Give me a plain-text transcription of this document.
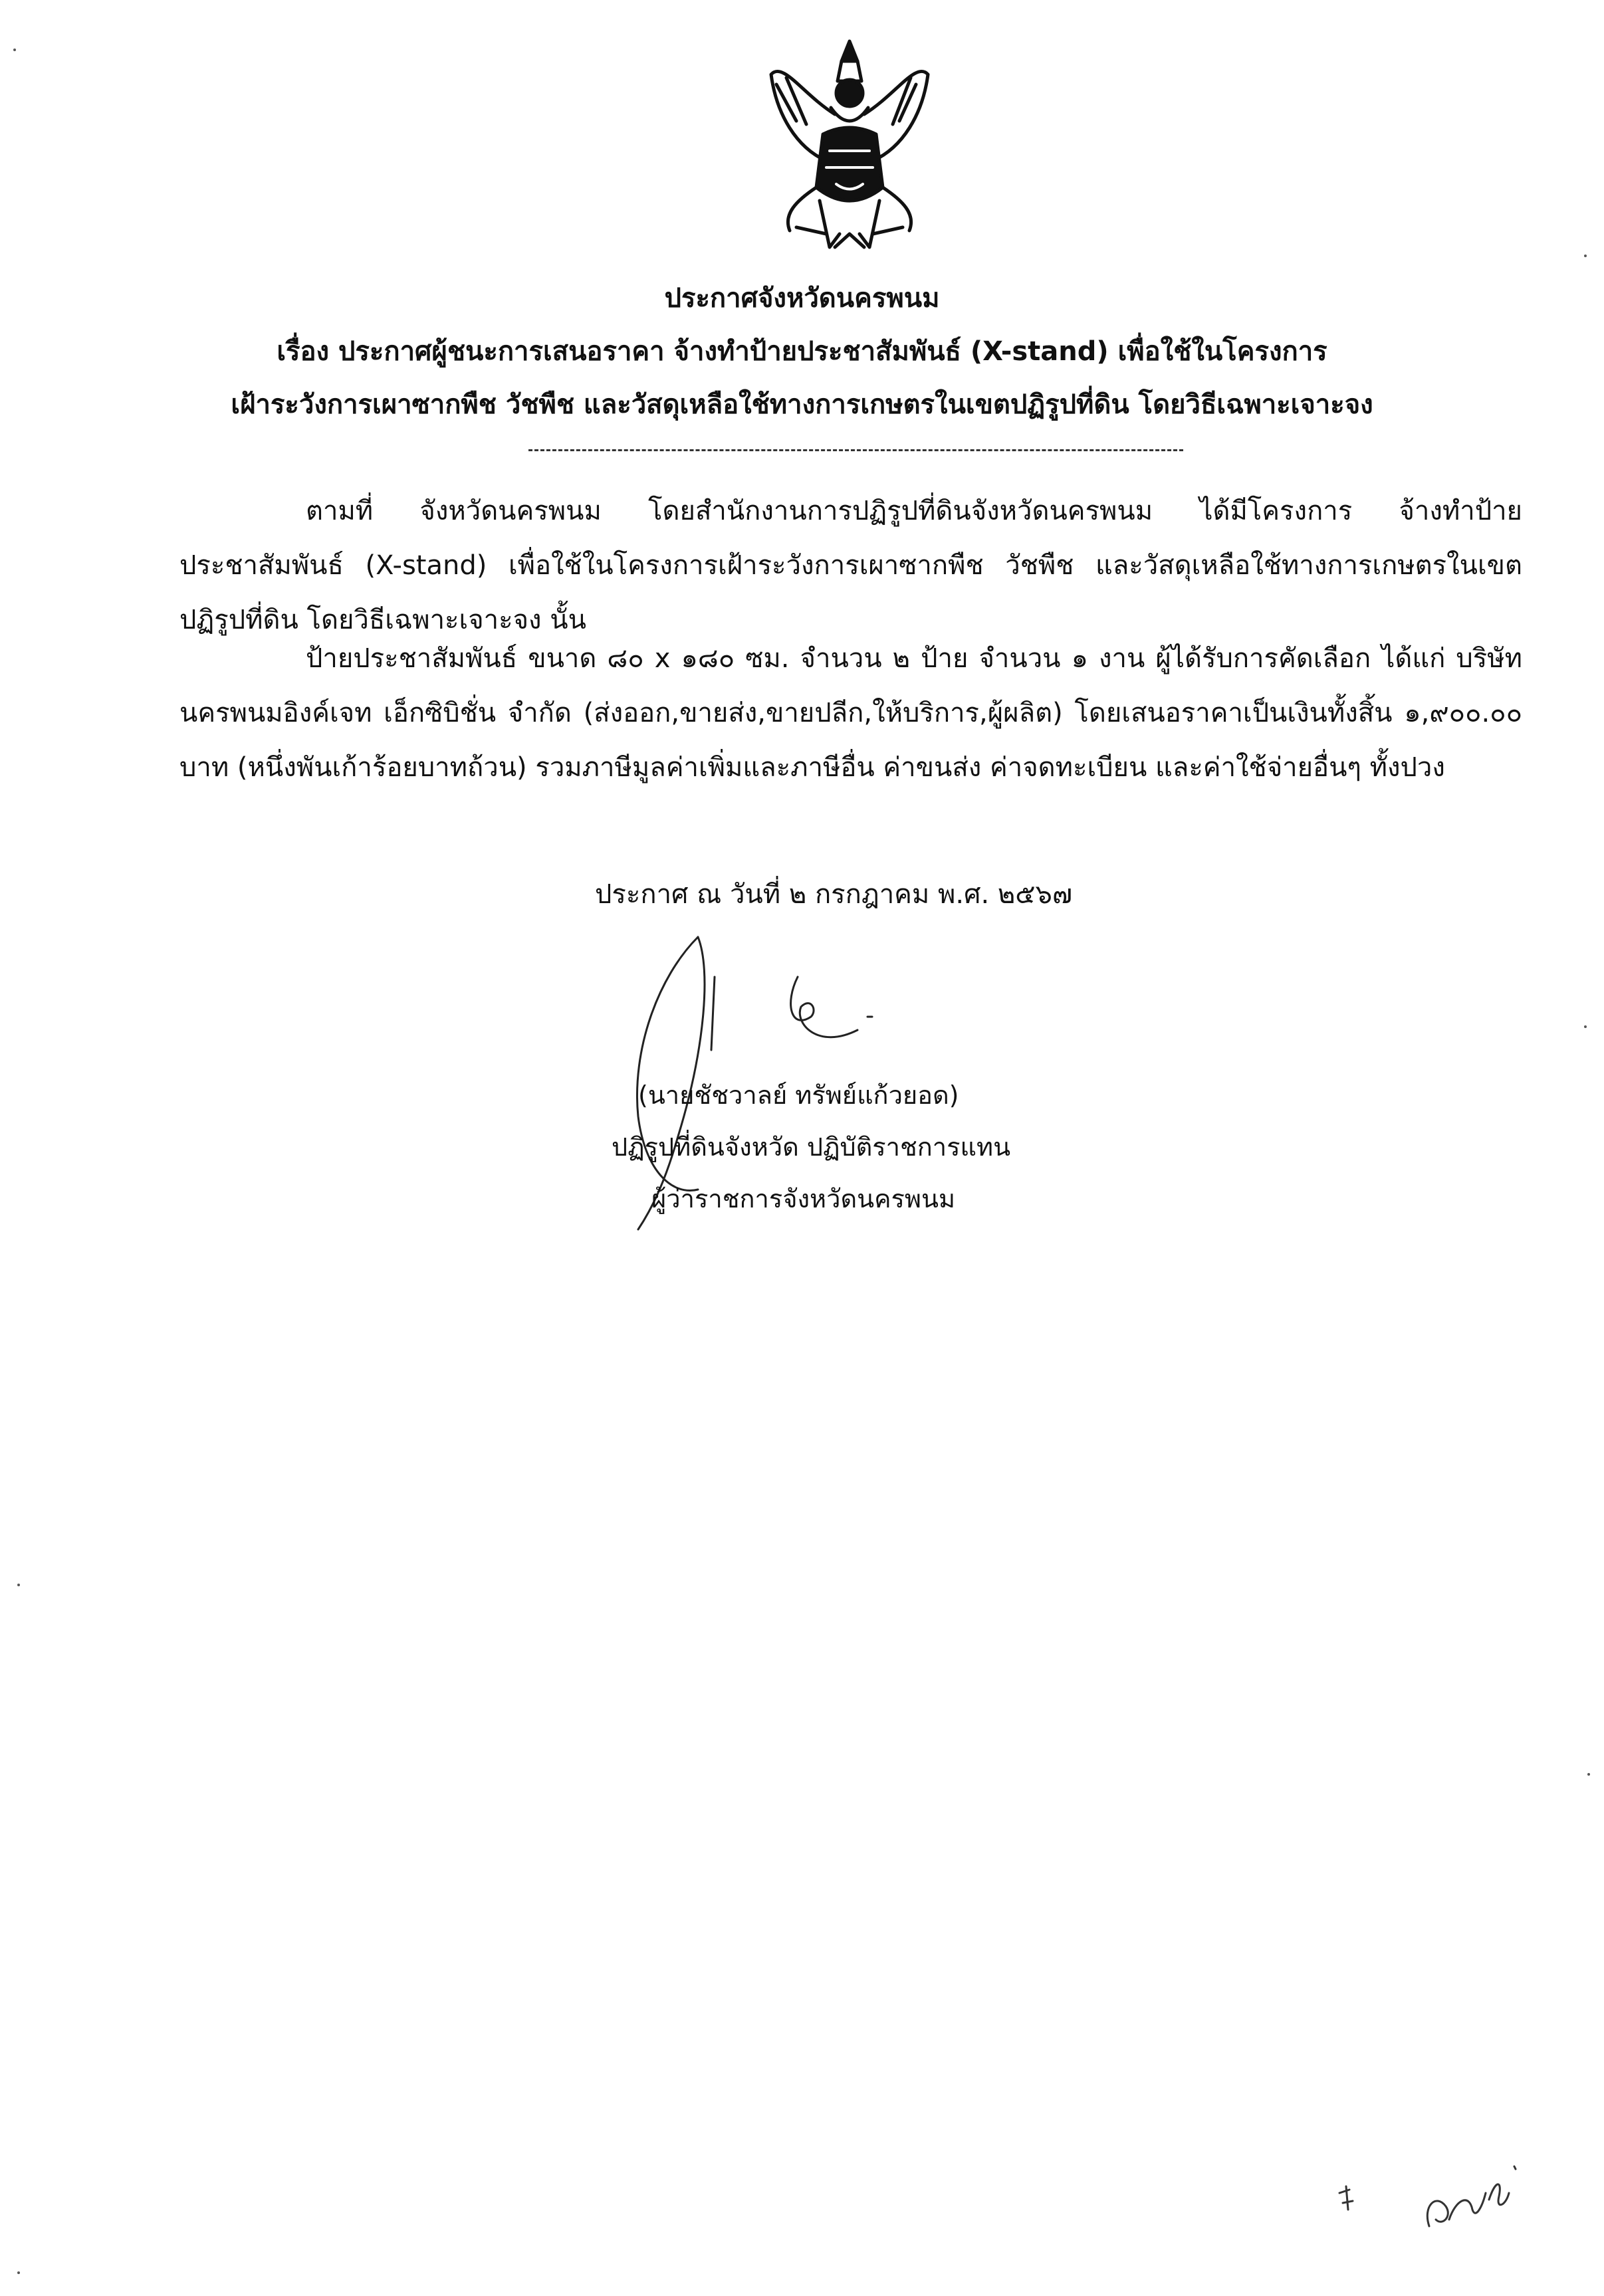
ประกาศจังหวัดนครพนม
เรื่อง ประกาศผู้ชนะการเสนอราคา จ้างทำป้ายประชาสัมพันธ์ (X-stand) เพื่อใช้ในโครงการ
เฝ้าระวังการเผาซากพืช วัชพืช และวัสดุเหลือใช้ทางการเกษตรในเขตปฏิรูปที่ดิน โดยวิธีเฉพาะเจาะจง
ตามที่ จังหวัดนครพนม โดยสำนักงานการปฏิรูปที่ดินจังหวัดนครพนม ได้มีโครงการ จ้างทำป้ายประชาสัมพันธ์ (X-stand) เพื่อใช้ในโครงการเฝ้าระวังการเผาซากพืช วัชพืช และวัสดุเหลือใช้ทางการเกษตรในเขตปฏิรูปที่ดิน โดยวิธีเฉพาะเจาะจง นั้น
ป้ายประชาสัมพันธ์ ขนาด ๘๐ x ๑๘๐ ซม. จำนวน ๒ ป้าย จำนวน ๑ งาน ผู้ได้รับการคัดเลือก ได้แก่ บริษัท นครพนมอิงค์เจท เอ็กซิบิชั่น จำกัด (ส่งออก,ขายส่ง,ขายปลีก,ให้บริการ,ผู้ผลิต) โดยเสนอราคาเป็นเงินทั้งสิ้น ๑,๙๐๐.๐๐ บาท (หนึ่งพันเก้าร้อยบาทถ้วน) รวมภาษีมูลค่าเพิ่มและภาษีอื่น ค่าขนส่ง ค่าจดทะเบียน และค่าใช้จ่ายอื่นๆ ทั้งปวง
ประกาศ ณ วันที่ ๒ กรกฎาคม พ.ศ. ๒๕๖๗
(นายชัชวาลย์ ทรัพย์แก้วยอด)
ปฏิรูปที่ดินจังหวัด ปฏิบัติราชการแทน
ผู้ว่าราชการจังหวัดนครพนม
